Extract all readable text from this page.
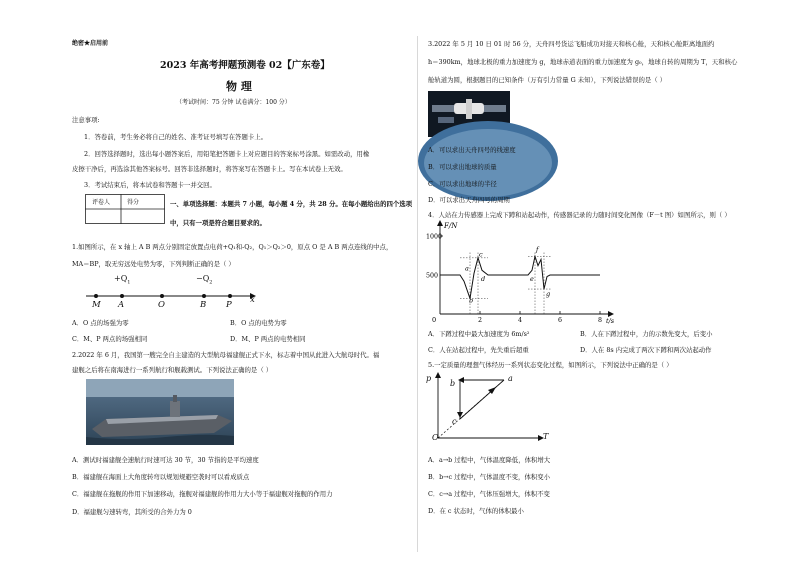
绝密★启用前
2023 年高考押题预测卷 02【广东卷】
物 理
（考试时间：75 分钟 试卷满分：100 分）
注意事项:
1．答卷前，考生务必将自己的姓名、准考证号填写在答题卡上。
2．回答选择题时，选出每小题答案后，用铅笔把答题卡上对应题目的答案标号涂黑。如需改动，用橡
皮擦干净后，再选涂其他答案标号。回答非选择题时，将答案写在答题卡上。写在本试卷上无效。
3．考试结束后，将本试卷和答题卡一并交回。
评卷人	得分	一、单项选择题：本题共 7 小题，每小题 4 分，共 28 分。在每小题给出的四个选项
中，只有一项是符合题目要求的。
1.如图所示，在 x 轴上 A B 两点分别固定放置点电荷+Q₁和-Q₂，Q₁＞Q₂＞0，原点 O 是 A B 两点连线的中点，
MA＝BP，取无穷远处电势为零，下列判断正确的是（ ）
$+Q_1$	$-Q_2$
M A	O	B P x
A．O 点的场强为零	B．O 点的电势为零
C．M、P 两点的场强相同	D．M、P 两点的电势相同
2.2022 年 6 月，我国第一艘完全自主建造的大型航母福建舰正式下水，标志着中国从此进入大航母时代。福
建舰之后将在南海进行一系列航行和舰载测试。下列说法正确的是（ ）
A．测试时福建舰全速航行时速可达 30 节，30 节指的是平均速度
B．福建舰在海面上大角度转弯以规划规避空袭时可以看成质点
C．福建舰在拖舰的作用下加速移动，拖舰对福建舰的作用力大小等于福建舰对拖舰的作用力
D．福建舰匀速转弯，其所受的合外力为 0
3.2022 年 5 月 10 日 01 时 56 分，天舟四号货运飞船成功对接天和核心舱，天和核心舱距离地面约
h＝390km，地球北极的重力加速度为 g，地球赤道表面的重力加速度为 g₀，地球自转的周期为 T，天和核心
舱轨道为圆，根据题目的已知条件（万有引力常量 G 未知），下列说法错误的是（ ）
A．可以求出天舟四号的线速度
B．可以求出地球的质量
C．可以求出地球的半径
D．可以求出天舟四号的周期
4．人站在力传感器上完成下蹲和站起动作，传感器记录的力随时间变化图像（F－t 图）如图所示，则（ ）
F/N
t/s
0
500
1000
2	4	6	8
a
b
c
d	e
f
g
A．下蹲过程中最大加速度为 6m/s²	B．人在下蹲过程中，力的示数先变大，后变小
C．人在站起过程中，先失重后超重	D．人在 8s 内完成了两次下蹲和两次站起动作
5.一定质量的理想气体经历一系列状态变化过程，如图所示，下列说法中正确的是（ ）
p
T
O
a
b
c
A．a→b 过程中，气体温度降低，体积增大
B．b→c 过程中，气体温度不变，体积变小
C．c→a 过程中，气体压强增大，体积不变
D．在 c 状态时，气体的体积最小
